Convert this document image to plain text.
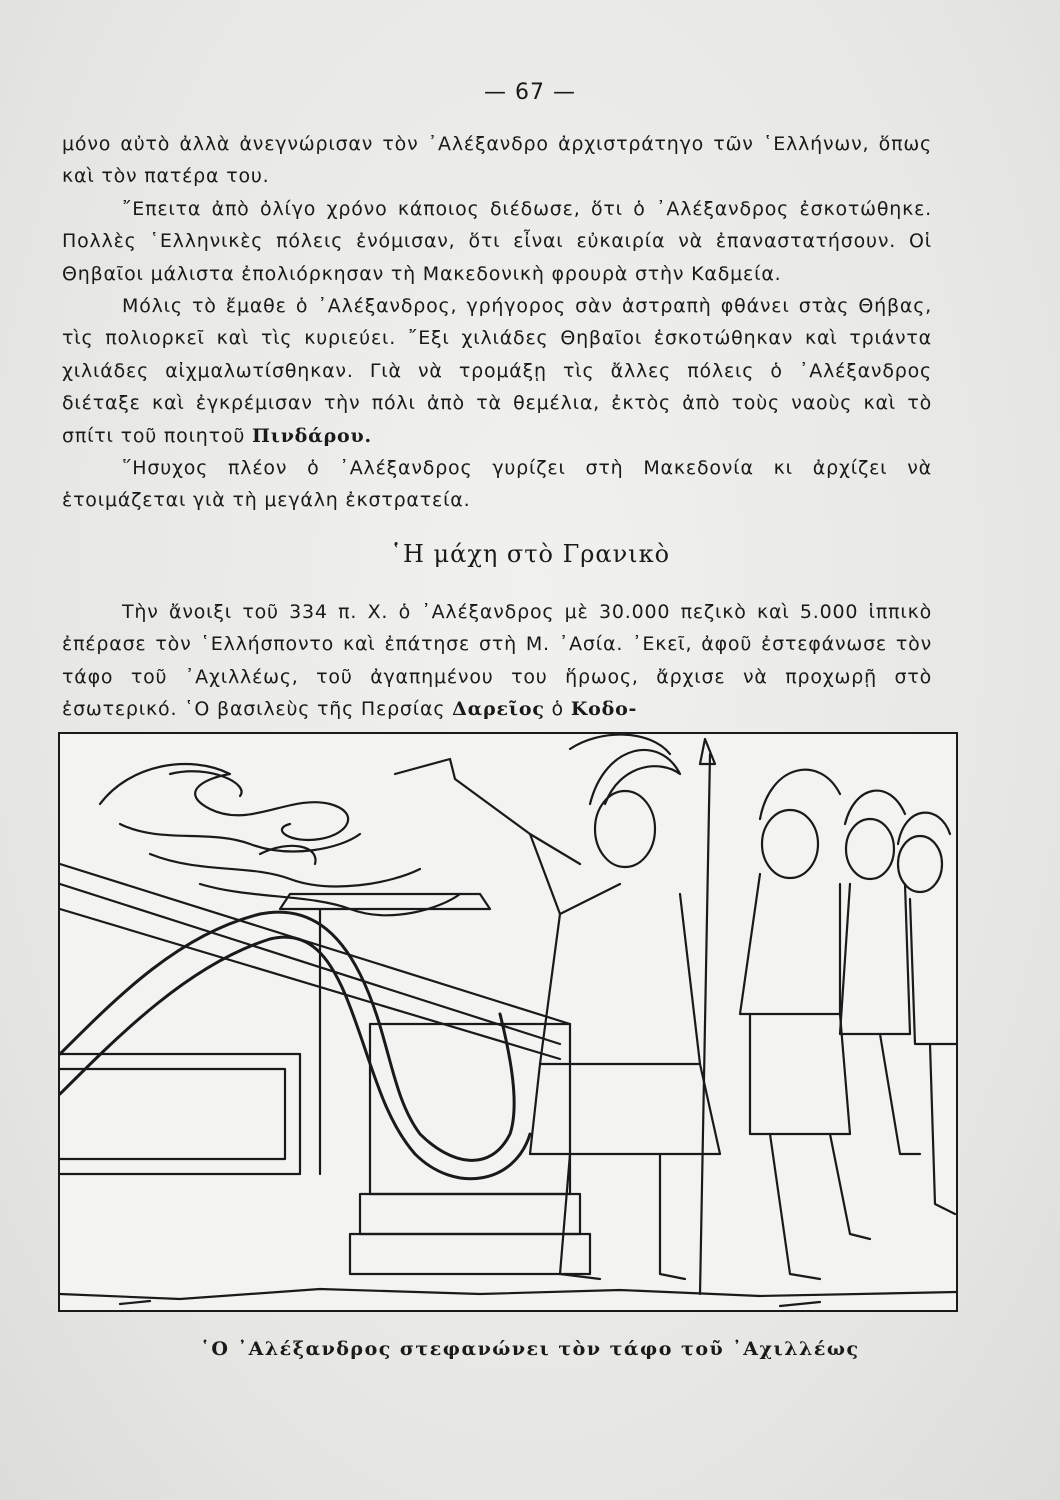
— 67 —

μόνο αὐτὸ ἀλλὰ ἀνεγνώρισαν τὸν ᾿Αλέξανδρο ἀρχιστράτηγο τῶν ῾Ελλήνων, ὅπως καὶ τὸν πατέρα του.

῎Επειτα ἀπὸ ὀλίγο χρόνο κάποιος διέδωσε, ὅτι ὁ ᾿Αλέξανδρος ἐσκοτώθηκε. Πολλὲς ῾Ελληνικὲς πόλεις ἐνόμισαν, ὅτι εἶναι εὐκαιρία νὰ ἐπαναστατήσουν. Οἱ Θηβαῖοι μάλιστα ἐπολιόρκησαν τὴ Μακεδονικὴ φρουρὰ στὴν Καδμεία.

Μόλις τὸ ἔμαθε ὁ ᾿Αλέξανδρος, γρήγορος σὰν ἀστραπὴ φθάνει στὰς Θήβας, τὶς πολιορκεῖ καὶ τὶς κυριεύει. ῎Εξι χιλιάδες Θηβαῖοι ἐσκοτώθηκαν καὶ τριάντα χιλιάδες αἰχμαλωτίσθηκαν. Γιὰ νὰ τρομάξῃ τὶς ἄλλες πόλεις ὁ ᾿Αλέξανδρος διέταξε καὶ ἐγκρέμισαν τὴν πόλι ἀπὸ τὰ θεμέλια, ἐκτὸς ἀπὸ τοὺς ναοὺς καὶ τὸ σπίτι τοῦ ποιητοῦ Πινδάρου.

῞Ησυχος πλέον ὁ ᾿Αλέξανδρος γυρίζει στὴ Μακεδονία κι ἀρχίζει νὰ ἑτοιμάζεται γιὰ τὴ μεγάλη ἐκστρατεία.

῾Η μάχη στὸ Γρανικὸ

Τὴν ἄνοιξι τοῦ 334 π. Χ. ὁ ᾿Αλέξανδρος μὲ 30.000 πεζικὸ καὶ 5.000 ἱππικὸ ἐπέρασε τὸν ῾Ελλήσποντο καὶ ἐπάτησε στὴ Μ. ᾿Ασία. ᾿Εκεῖ, ἀφοῦ ἐστεφάνωσε τὸν τάφο τοῦ ᾿Αχιλλέως, τοῦ ἀγαπημένου του ἥρωος, ἄρχισε νὰ προχωρῇ στὸ ἐσωτερικό. ῾Ο βασιλεὺς τῆς Περσίας Δαρεῖος ὁ Κοδο-

῾Ο ᾿Αλέξανδρος στεφανώνει τὸν τάφο τοῦ ᾿Αχιλλέως
